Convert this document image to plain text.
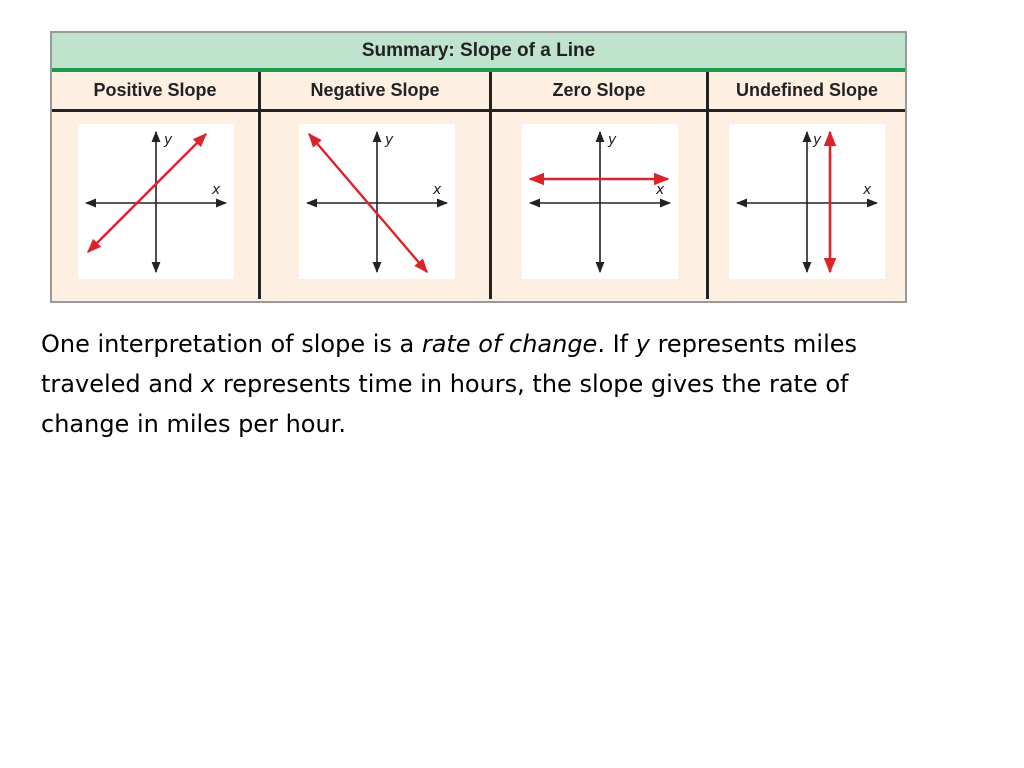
Summary: Slope of a Line
Positive Slope	Negative Slope	Zero Slope	Undefined Slope
y
x
y
x
y
x
y
x

One interpretation of slope is a rate of change. If y represents miles traveled and x represents time in hours, the slope gives the rate of change in miles per hour.
